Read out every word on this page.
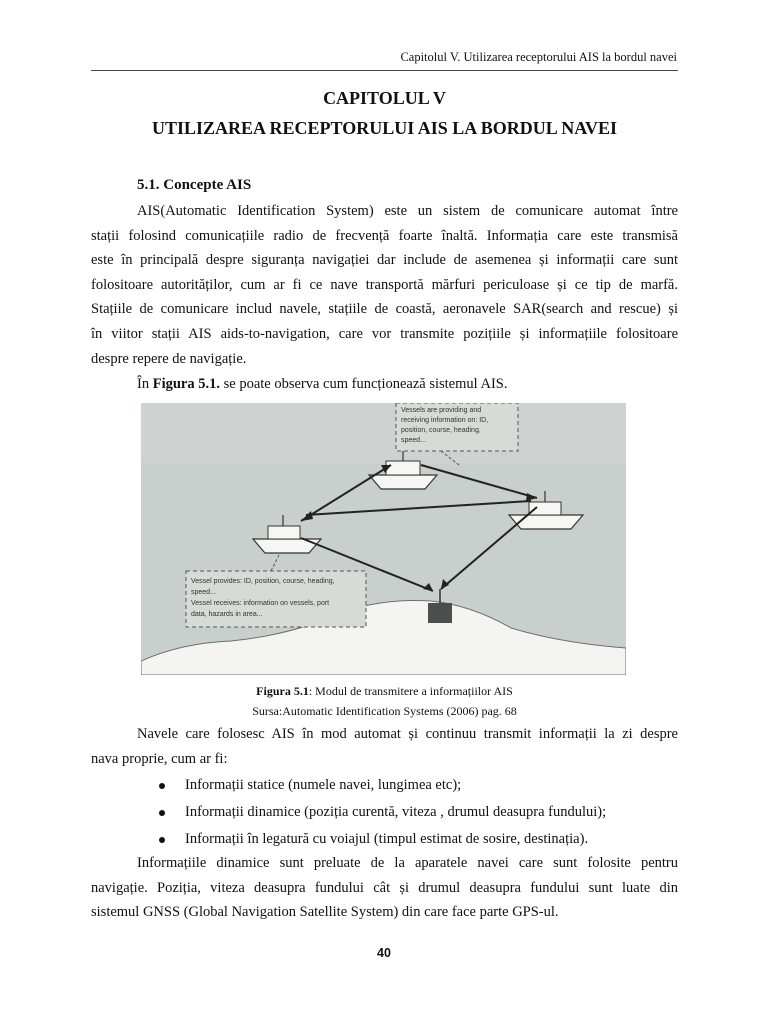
Capitolul V. Utilizarea receptorului AIS la bordul navei
CAPITOLUL V
UTILIZAREA RECEPTORULUI AIS LA BORDUL NAVEI
5.1. Concepte AIS
AIS(Automatic Identification System) este un sistem de comunicare automat între
stații folosind comunicațiile radio de frecvență foarte înaltă. Informația care este transmisă
este în principală despre siguranța navigației dar include de asemenea și informații care sunt
folositoare autorităților, cum ar fi ce nave transportă mărfuri periculoase și ce tip de marfă.
Stațiile de comunicare includ navele, stațiile de coastă, aeronavele SAR(search and rescue) și
în viitor stații AIS aids-to-navigation, care vor transmite pozițiile și informațiile folositoare
despre repere de navigație.
În Figura 5.1. se poate observa cum funcționează sistemul AIS.
Vessels are providing and
receiving information on: ID,
position, course, heading,
speed...
Vessel provides: ID, position, course, heading,
speed...
Vessel receives: information on vessels, port
data, hazards in area...
Figura 5.1: Modul de transmitere a informațiilor AIS
Sursa:Automatic Identification Systems (2006) pag. 68
Navele care folosesc AIS în mod automat și continuu transmit informații la zi despre
nava proprie, cum ar fi:
Informații statice (numele navei, lungimea etc);
Informații dinamice (poziția curentă, viteza , drumul deasupra fundului);
Informații în legatură cu voiajul (timpul estimat de sosire, destinația).
Informațiile dinamice sunt preluate de la aparatele navei care sunt folosite pentru
navigație. Poziția, viteza deasupra fundului cât și drumul deasupra fundului sunt luate din
sistemul GNSS (Global Navigation Satellite System) din care face parte GPS-ul.
40
